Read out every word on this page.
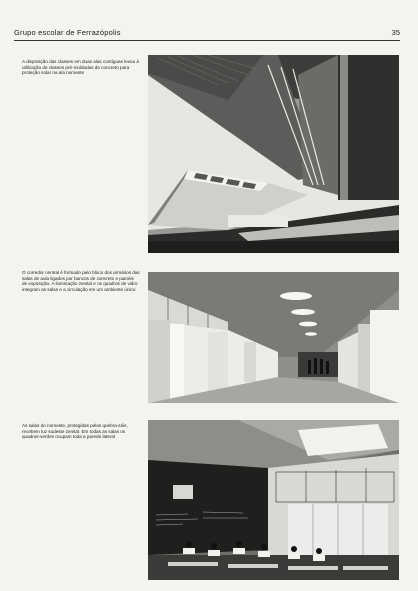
Grupo escolar de Ferrazópolis	35
A disposição das classes em duas alas contíguas levou à utilização de classes pré-moldadas de concreto para proteção solar na ala noroeste
O corredor central é formado pelo bloco dos armários das salas de aula ligados por bancos de concreto e painéis de exposição. A iluminação zenital e os quadros de vidro integram as salas e a circulação em um ambiente único
As salas do noroeste, protegidas pelas quebra-sóis, recebem luz sudeste zenital. Em todas as salas os quadros-verdes ocupam toda a parede lateral
